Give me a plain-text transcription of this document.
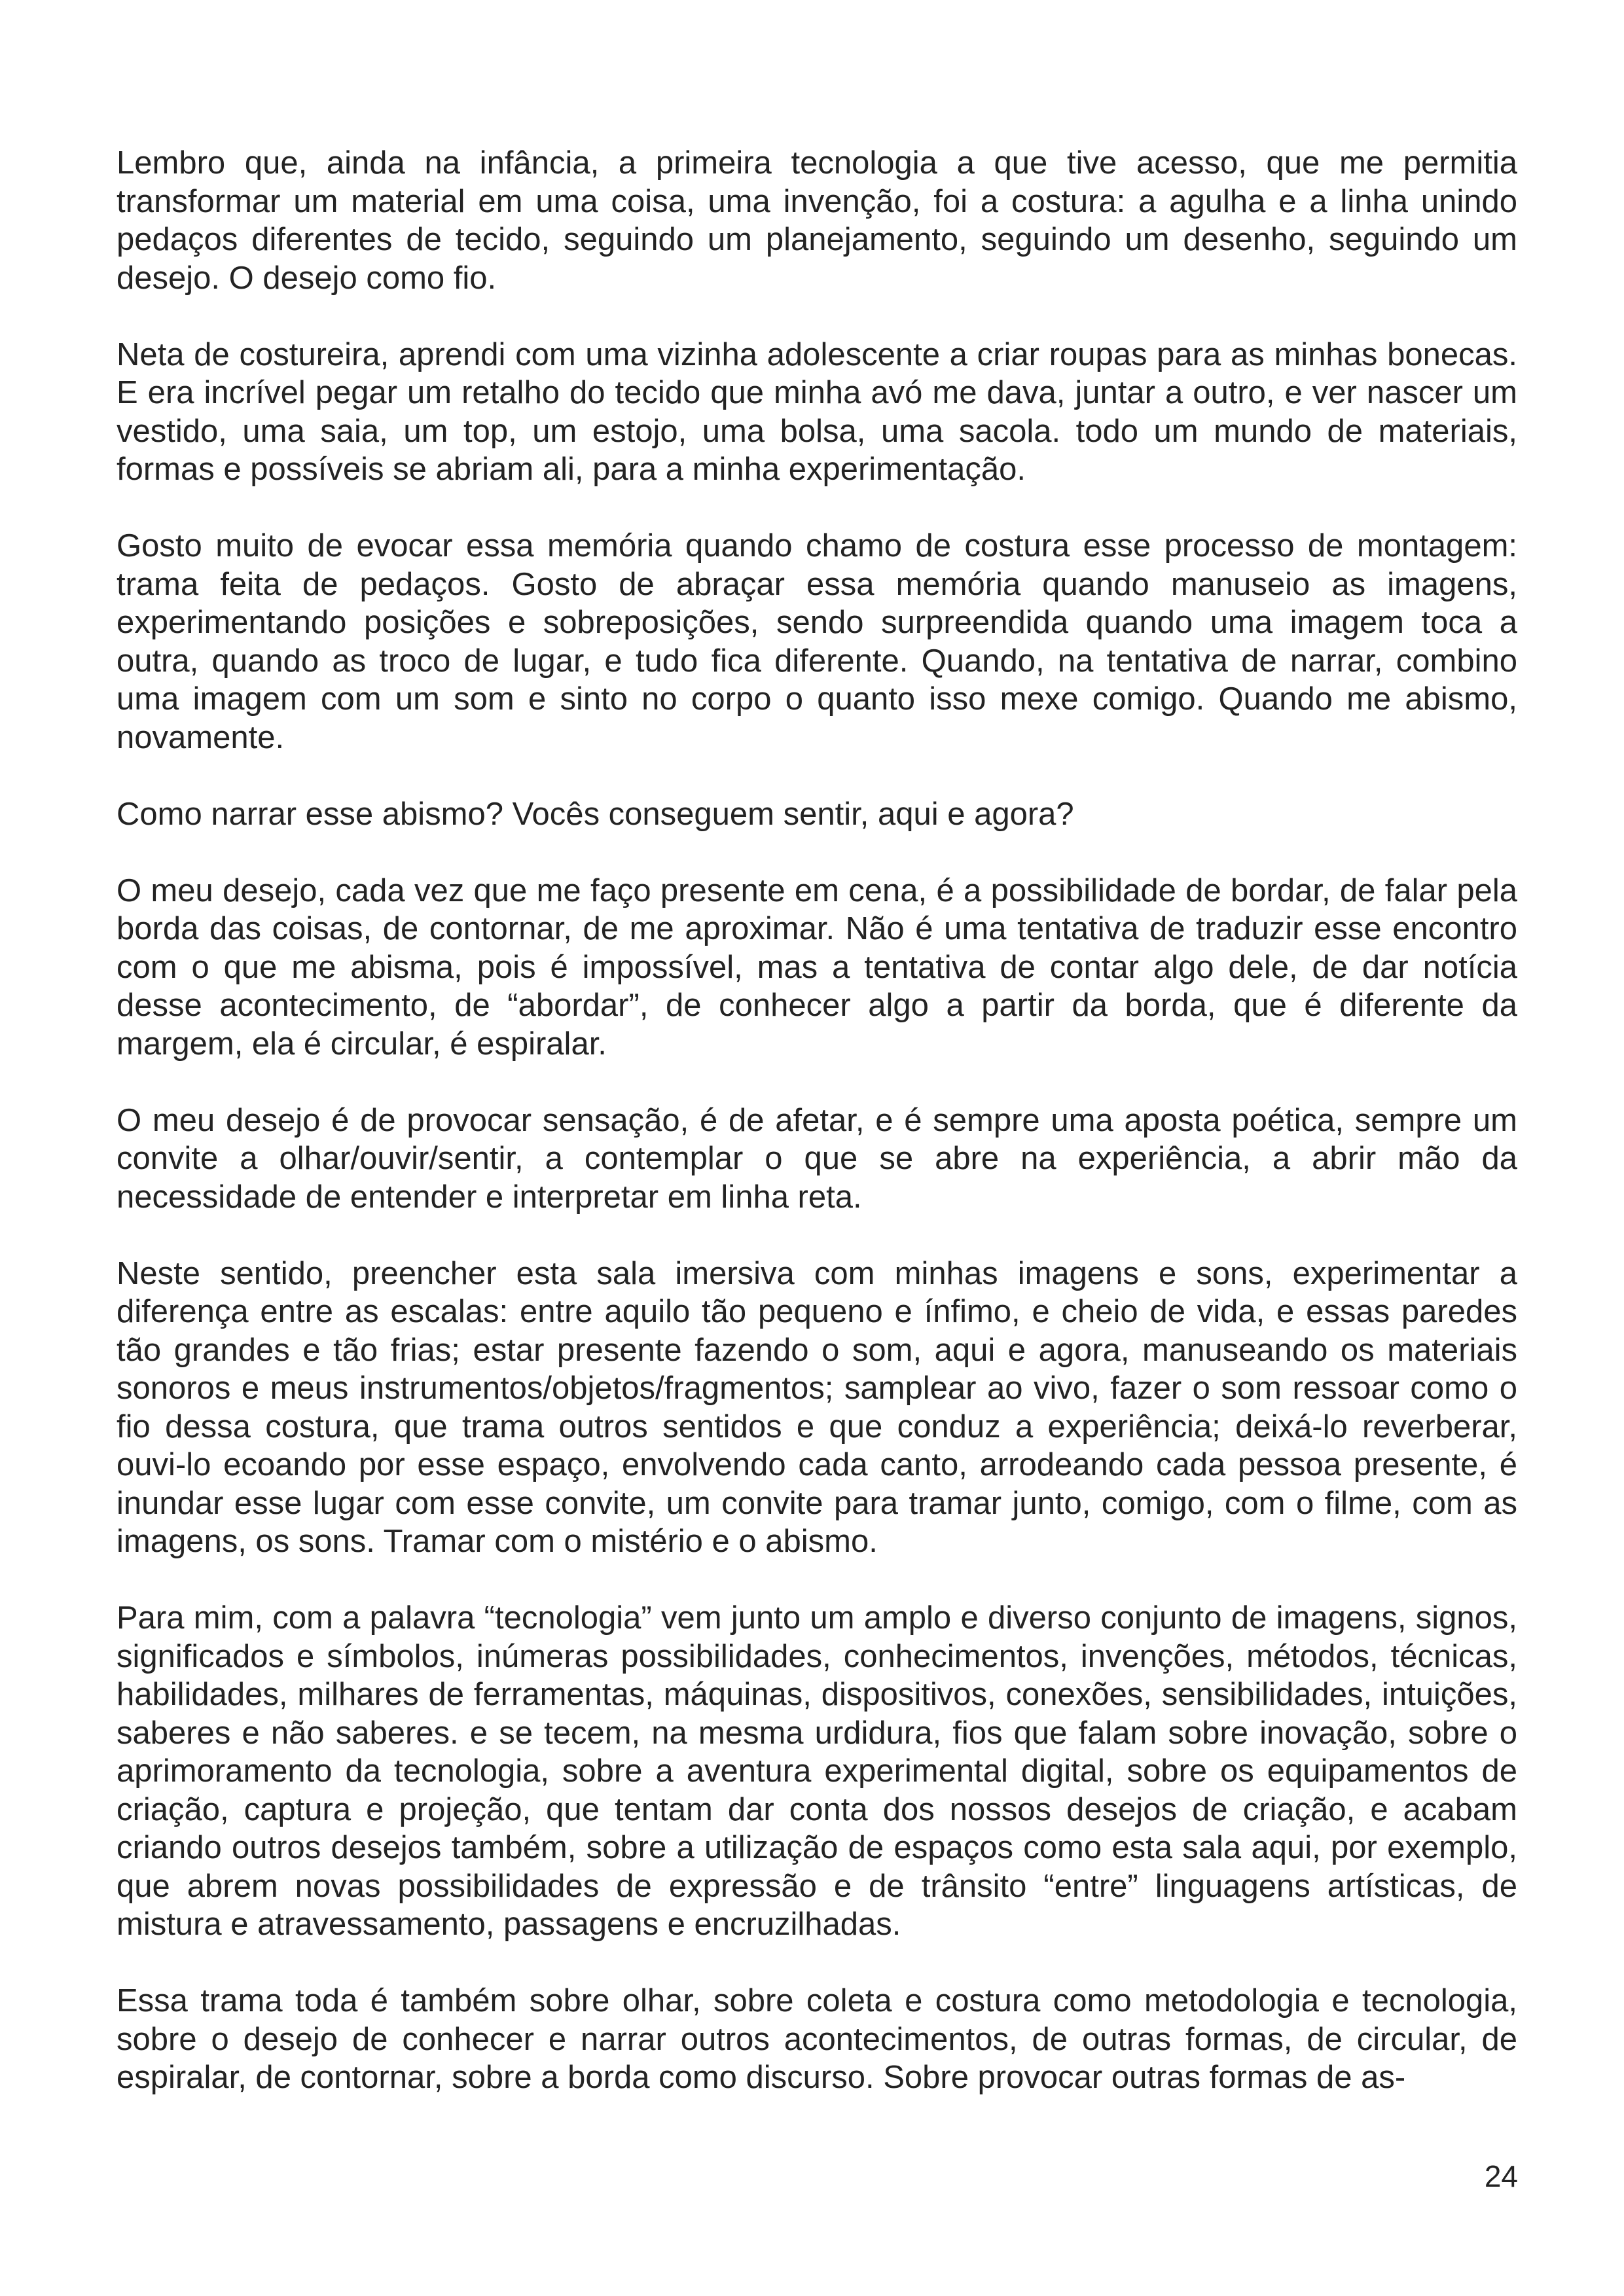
Lembro que, ainda na infância, a primeira tecnologia a que tive acesso, que me permitia transformar um material em uma coisa, uma invenção, foi a costura: a agulha e a linha unindo pedaços diferentes de tecido, seguindo um planejamento, seguindo um desenho, seguindo um desejo. O desejo como fio.

Neta de costureira, aprendi com uma vizinha adolescente a criar roupas para as minhas bonecas. E era incrível pegar um retalho do tecido que minha avó me dava, juntar a outro, e ver nascer um vestido, uma saia, um top, um estojo, uma bolsa, uma sacola. todo um mundo de materiais, formas e possíveis se abriam ali, para a minha experimentação.

Gosto muito de evocar essa memória quando chamo de costura esse processo de montagem: trama feita de pedaços. Gosto de abraçar essa memória quando manuseio as imagens, experimentando posições e sobreposições, sendo surpreendida quando uma imagem toca a outra, quando as troco de lugar, e tudo fica diferente. Quando, na tentativa de narrar, combino uma imagem com um som e sinto no corpo o quanto isso mexe comigo. Quando me abismo, novamente.

Como narrar esse abismo? Vocês conseguem sentir, aqui e agora?

O meu desejo, cada vez que me faço presente em cena, é a possibilidade de bordar, de falar pela borda das coisas, de contornar, de me aproximar. Não é uma tentativa de traduzir esse encontro com o que me abisma, pois é impossível, mas a tentativa de contar algo dele, de dar notícia desse acontecimento, de “abordar”, de conhecer algo a partir da borda, que é diferente da margem, ela é circular, é espiralar.

O meu desejo é de provocar sensação, é de afetar, e é sempre uma aposta poética, sempre um convite a olhar/ouvir/sentir, a contemplar o que se abre na experiência, a abrir mão da necessidade de entender e interpretar em linha reta.

Neste sentido, preencher esta sala imersiva com minhas imagens e sons, experimentar a diferença entre as escalas: entre aquilo tão pequeno e ínfimo, e cheio de vida, e essas paredes tão grandes e tão frias; estar presente fazendo o som, aqui e agora, manuseando os materiais sonoros e meus instrumentos/objetos/fragmentos; samplear ao vivo, fazer o som ressoar como o fio dessa costura, que trama outros sentidos e que conduz a experiência; deixá-lo reverberar, ouvi-lo ecoando por esse espaço, envolvendo cada canto, arrodeando cada pessoa presente, é inundar esse lugar com esse convite, um convite para tramar junto, comigo, com o filme, com as imagens, os sons. Tramar com o mistério e o abismo.

Para mim, com a palavra “tecnologia” vem junto um amplo e diverso conjunto de imagens, signos, significados e símbolos, inúmeras possibilidades, conhecimentos, invenções, métodos, técnicas, habilidades, milhares de ferramentas, máquinas, dispositivos, conexões, sensibilidades, intuições, saberes e não saberes. e se tecem, na mesma urdidura, fios que falam sobre inovação, sobre o aprimoramento da tecnologia, sobre a aventura experimental digital, sobre os equipamentos de criação, captura e projeção, que tentam dar conta dos nossos desejos de criação, e acabam criando outros desejos também, sobre a utilização de espaços como esta sala aqui, por exemplo, que abrem novas possibilidades de expressão e de trânsito “entre” linguagens artísticas, de mistura e atravessamento, passagens e encruzilhadas.

Essa trama toda é também sobre olhar, sobre coleta e costura como metodologia e tecnologia, sobre o desejo de conhecer e narrar outros acontecimentos, de outras formas, de circular, de espiralar, de contornar, sobre a borda como discurso. Sobre provocar outras formas de as-

24
